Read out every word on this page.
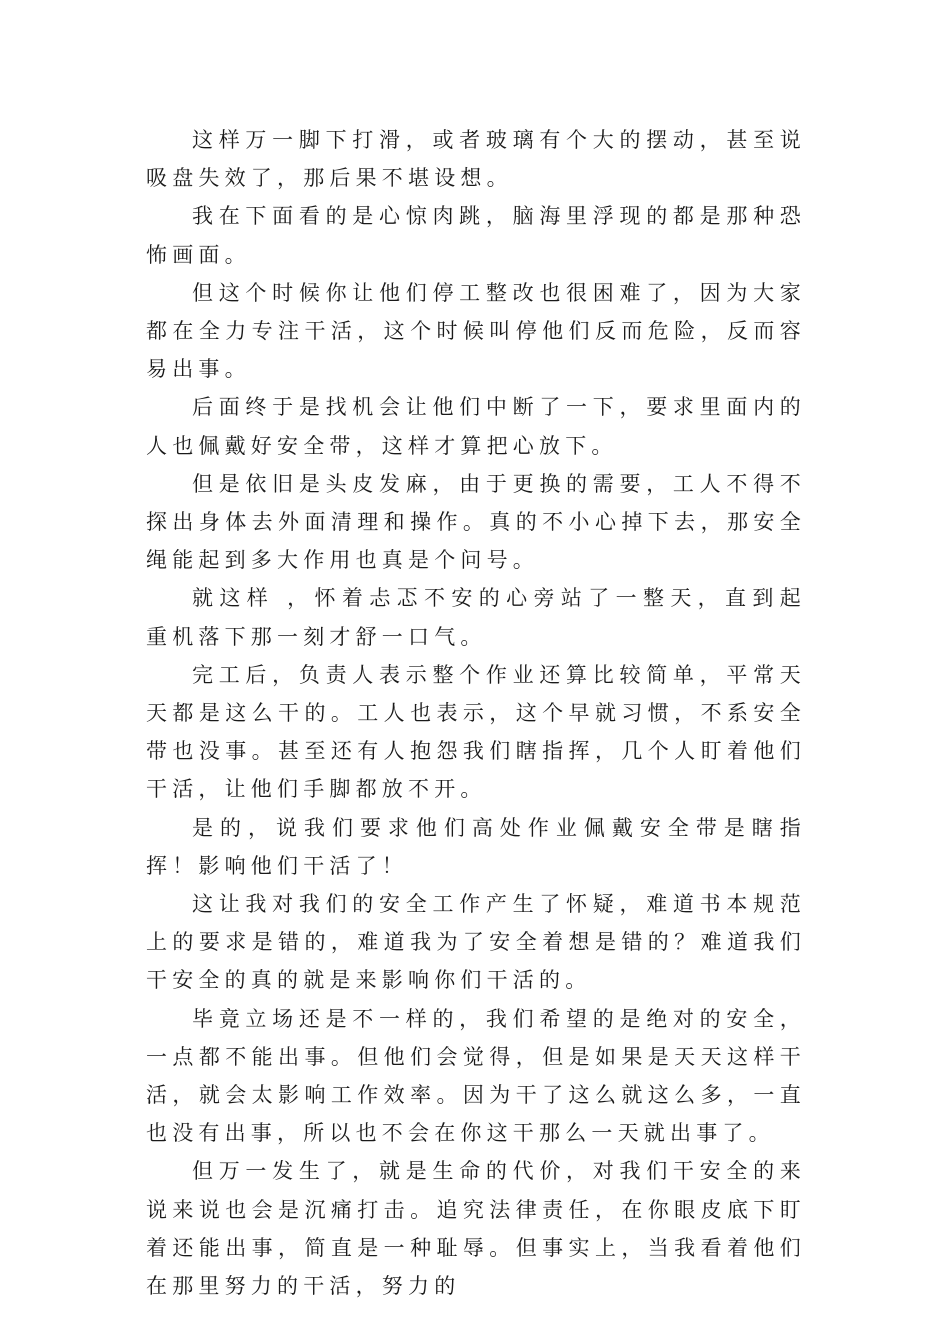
这样万一脚下打滑，或者玻璃有个大的摆动，甚至说吸盘失效了，那后果不堪设想。

我在下面看的是心惊肉跳，脑海里浮现的都是那种恐怖画面。

但这个时候你让他们停工整改也很困难了，因为大家都在全力专注干活，这个时候叫停他们反而危险，反而容易出事。

后面终于是找机会让他们中断了一下，要求里面内的人也佩戴好安全带，这样才算把心放下。

但是依旧是头皮发麻，由于更换的需要，工人不得不探出身体去外面清理和操作。真的不小心掉下去，那安全绳能起到多大作用也真是个问号。

就这样 ，怀着忐忑不安的心旁站了一整天，直到起重机落下那一刻才舒一口气。

完工后，负责人表示整个作业还算比较简单，平常天天都是这么干的。工人也表示，这个早就习惯，不系安全带也没事。甚至还有人抱怨我们瞎指挥，几个人盯着他们干活，让他们手脚都放不开。

是的，说我们要求他们高处作业佩戴安全带是瞎指挥！影响他们干活了！

这让我对我们的安全工作产生了怀疑，难道书本规范上的要求是错的，难道我为了安全着想是错的？难道我们干安全的真的就是来影响你们干活的。

毕竟立场还是不一样的，我们希望的是绝对的安全，一点都不能出事。但他们会觉得，但是如果是天天这样干活，就会太影响工作效率。因为干了这么就这么多，一直也没有出事，所以也不会在你这干那么一天就出事了。

但万一发生了，就是生命的代价，对我们干安全的来说来说也会是沉痛打击。追究法律责任，在你眼皮底下盯着还能出事，简直是一种耻辱。但事实上，当我看着他们在那里努力的干活，努力的
